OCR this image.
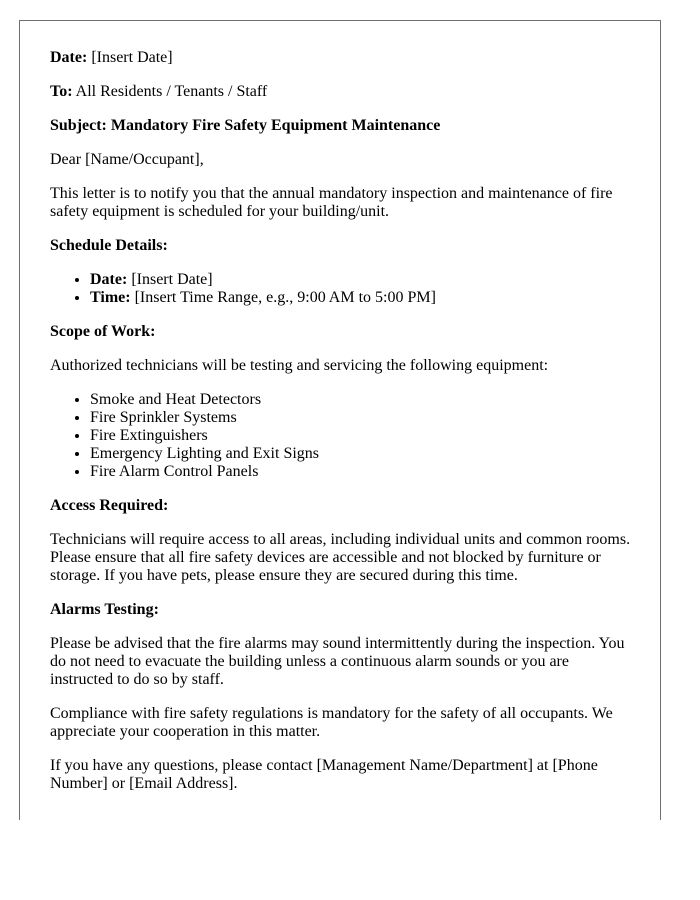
Date: [Insert Date]

To: All Residents / Tenants / Staff

Subject: Mandatory Fire Safety Equipment Maintenance

Dear [Name/Occupant],

This letter is to notify you that the annual mandatory inspection and maintenance of fire safety equipment is scheduled for your building/unit.

Schedule Details:
• Date: [Insert Date]
• Time: [Insert Time Range, e.g., 9:00 AM to 5:00 PM]
Scope of Work:

Authorized technicians will be testing and servicing the following equipment:

• Smoke and Heat Detectors
• Fire Sprinkler Systems
• Fire Extinguishers
• Emergency Lighting and Exit Signs
• Fire Alarm Control Panels
Access Required:

Technicians will require access to all areas, including individual units and common rooms. Please ensure that all fire safety devices are accessible and not blocked by furniture or storage. If you have pets, please ensure they are secured during this time.

Alarms Testing:

Please be advised that the fire alarms may sound intermittently during the inspection. You do not need to evacuate the building unless a continuous alarm sounds or you are instructed to do so by staff.

Compliance with fire safety regulations is mandatory for the safety of all occupants. We appreciate your cooperation in this matter.

If you have any questions, please contact [Management Name/Department] at [Phone Number] or [Email Address].
